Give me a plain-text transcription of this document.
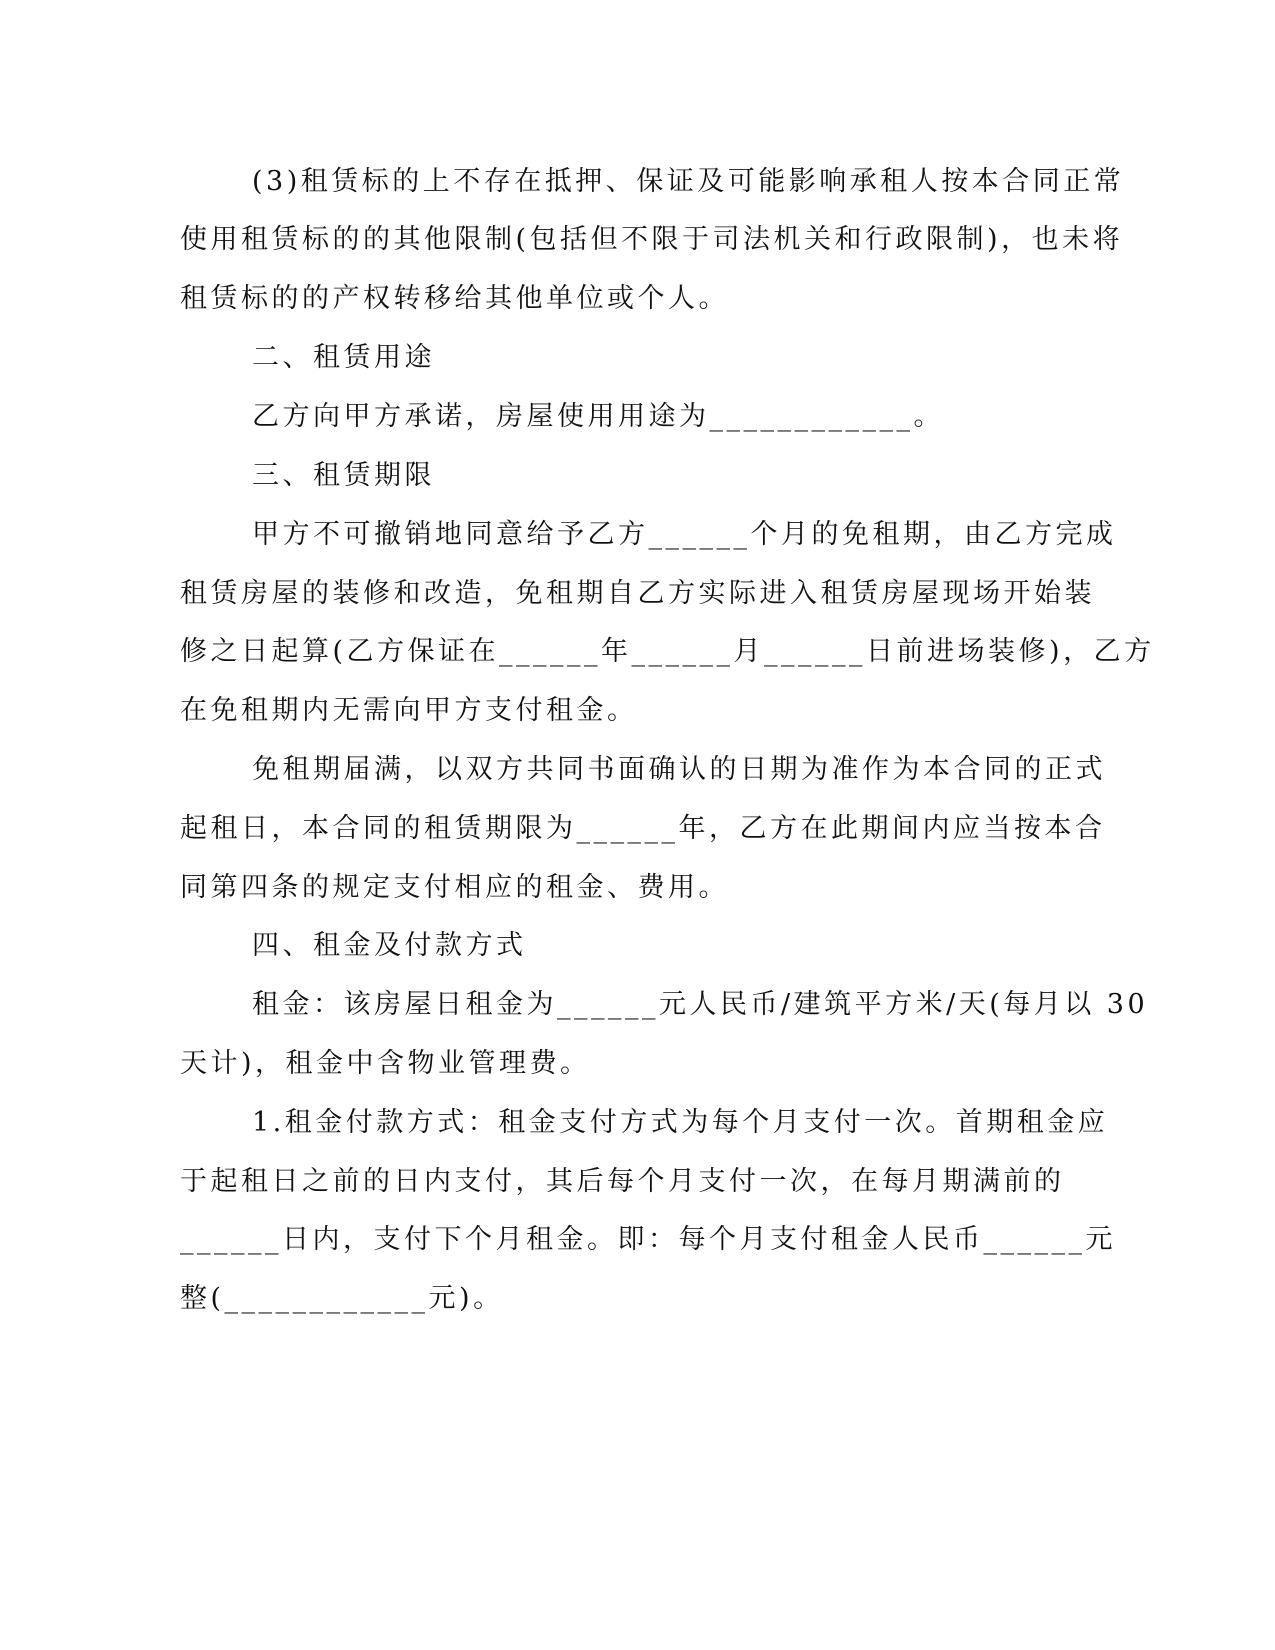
(3)租赁标的上不存在抵押、保证及可能影响承租人按本合同正常
使用租赁标的的其他限制(包括但不限于司法机关和行政限制)，也未将
租赁标的的产权转移给其他单位或个人。
二、租赁用途
乙方向甲方承诺，房屋使用用途为____________。
三、租赁期限
甲方不可撤销地同意给予乙方______个月的免租期，由乙方完成
租赁房屋的装修和改造，免租期自乙方实际进入租赁房屋现场开始装
修之日起算(乙方保证在______年______月______日前进场装修)，乙方
在免租期内无需向甲方支付租金。
免租期届满，以双方共同书面确认的日期为准作为本合同的正式
起租日，本合同的租赁期限为______年，乙方在此期间内应当按本合
同第四条的规定支付相应的租金、费用。
四、租金及付款方式
租金：该房屋日租金为______元人民币/建筑平方米/天(每月以 30
天计)，租金中含物业管理费。
1.租金付款方式：租金支付方式为每个月支付一次。首期租金应
于起租日之前的日内支付，其后每个月支付一次，在每月期满前的
______日内，支付下个月租金。即：每个月支付租金人民币______元
整(____________元)。
